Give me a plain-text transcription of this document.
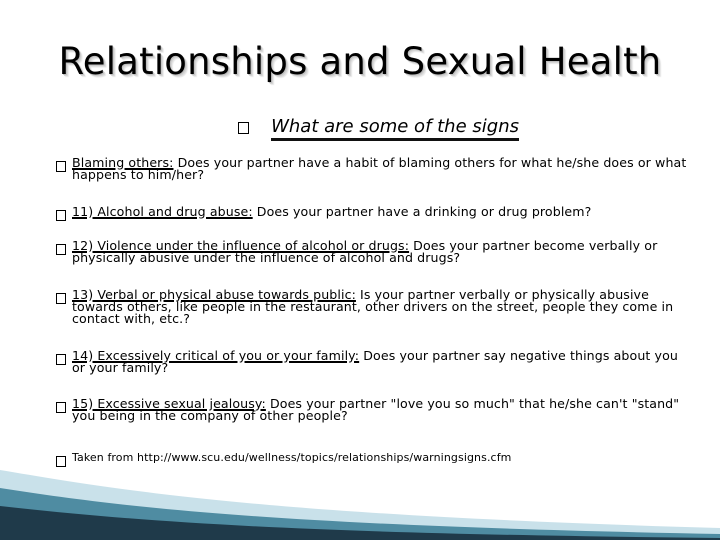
Relationships and Sexual Health
What are some of the signs
Blaming others: Does your partner have a habit of blaming others for what he/she does or what happens to him/her?
11) Alcohol and drug abuse: Does your partner have a drinking or drug problem?
12) Violence under the influence of alcohol or drugs: Does your partner become verbally or physically abusive under the influence of alcohol and drugs?
13) Verbal or physical abuse towards public: Is your partner verbally or physically abusive towards others, like people in the restaurant, other drivers on the street, people they come in contact with, etc.?
14) Excessively critical of you or your family: Does your partner say negative things about you or your family?
15) Excessive sexual jealousy: Does your partner "love you so much" that he/she can't "stand" you being in the company of other people?
Taken from http://www.scu.edu/wellness/topics/relationships/warningsigns.cfm
